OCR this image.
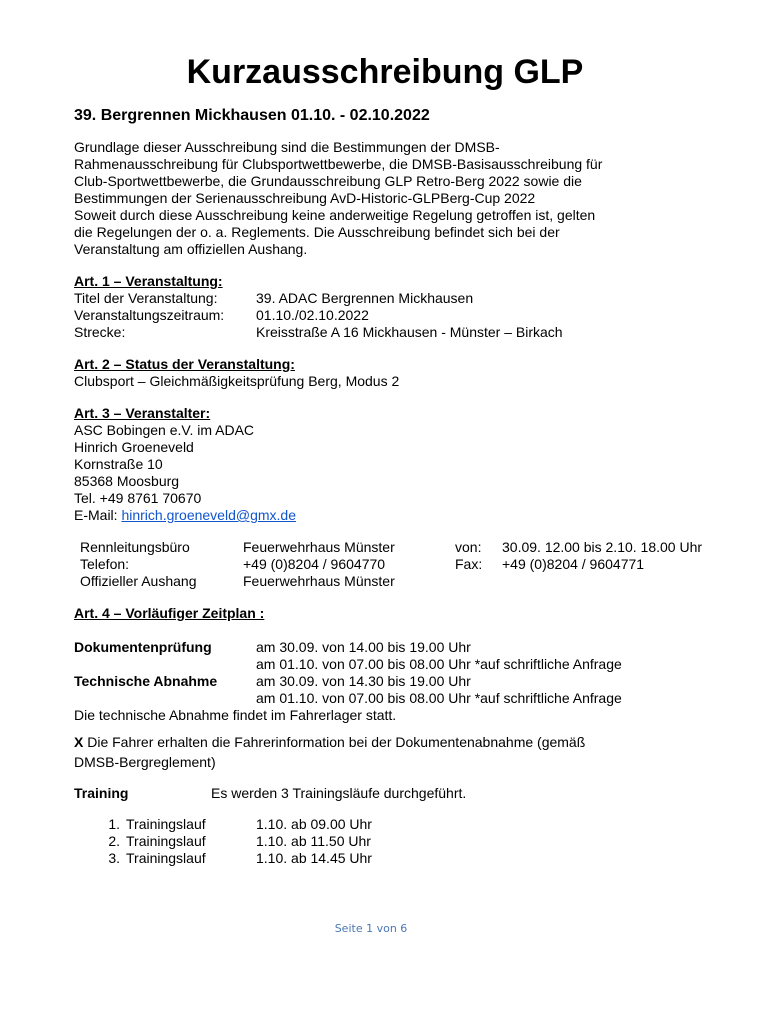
Kurzausschreibung GLP
39. Bergrennen Mickhausen 01.10. - 02.10.2022

Grundlage dieser Ausschreibung sind die Bestimmungen der DMSB-

Rahmenausschreibung für Clubsportwettbewerbe, die DMSB-Basisausschreibung für

Club-Sportwettbewerbe, die Grundausschreibung GLP Retro-Berg 2022 sowie die

Bestimmungen der Serienausschreibung AvD-Historic-GLPBerg-Cup 2022

Soweit durch diese Ausschreibung keine anderweitige Regelung getroffen ist, gelten

die Regelungen der o. a. Reglements. Die Ausschreibung befindet sich bei der

Veranstaltung am offiziellen Aushang.

Art. 1 – Veranstaltung:

Titel der Veranstaltung:	39. ADAC Bergrennen Mickhausen
Veranstaltungszeitraum:	01.10./02.10.2022
Strecke:	Kreisstraße A 16 Mickhausen - Münster – Birkach

Art. 2 – Status der Veranstaltung:

Clubsport – Gleichmäßigkeitsprüfung Berg, Modus 2

Art. 3 – Veranstalter:

ASC Bobingen e.V. im ADAC

Hinrich Groeneveld

Kornstraße 10

85368 Moosburg

Tel. +49 8761 70670

E-Mail: hinrich.groeneveld@gmx.de

Rennleitungsbüro	Feuerwehrhaus Münster	von:	30.09. 12.00 bis 2.10. 18.00 Uhr
Telefon:	+49 (0)8204 / 9604770	Fax:	+49 (0)8204 / 9604771
Offizieller Aushang	Feuerwehrhaus Münster

Art. 4 – Vorläufiger Zeitplan :

Dokumentenprüfung	am 30.09. von 14.00 bis 19.00 Uhr
am 01.10. von 07.00 bis 08.00 Uhr *auf schriftliche Anfrage
Technische Abnahme	am 30.09. von 14.30 bis 19.00 Uhr
am 01.10. von 07.00 bis 08.00 Uhr *auf schriftliche Anfrage

Die technische Abnahme findet im Fahrerlager statt.

X Die Fahrer erhalten die Fahrerinformation bei der Dokumentenabnahme (gemäß

DMSB-Bergreglement)

Training	Es werden 3 Trainingsläufe durchgeführt.
1. Trainingslauf	1.10. ab 09.00 Uhr
2. Trainingslauf	1.10. ab 11.50 Uhr
3. Trainingslauf	1.10. ab 14.45 Uhr
Seite 1 von 6
